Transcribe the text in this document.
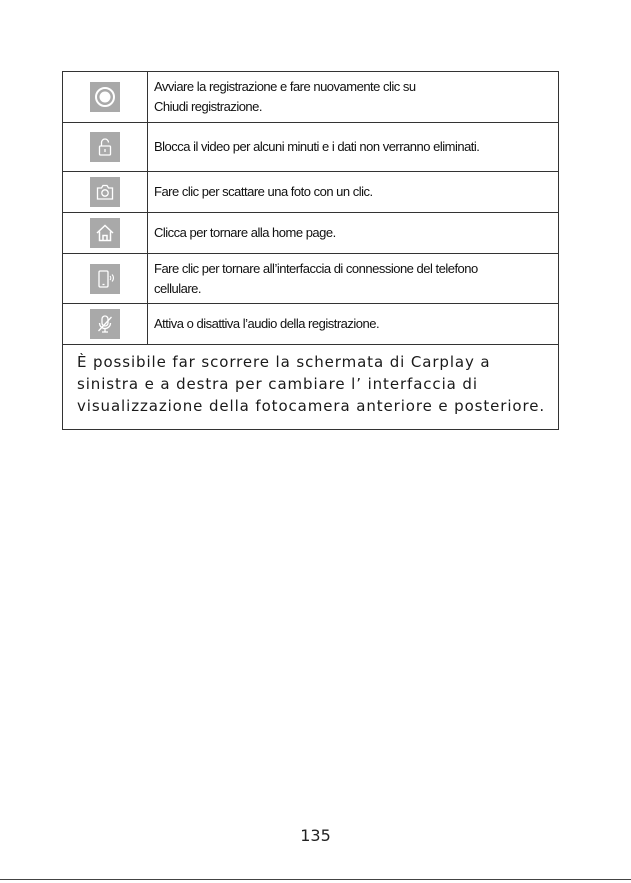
Avviare la registrazione e fare nuovamente clic su
Chiudi registrazione.

Blocca il video per alcuni minuti e i dati non verranno eliminati.

Fare clic per scattare una foto con un clic.

Clicca per tornare alla home page.

Fare clic per tornare all’interfaccia di connessione del telefono
cellulare.

Attiva o disattiva l’audio della registrazione.

È possibile far scorrere la schermata di Carplay a
sinistra e a destra per cambiare l’ interfaccia di
visualizzazione della fotocamera anteriore e posteriore.	
135
